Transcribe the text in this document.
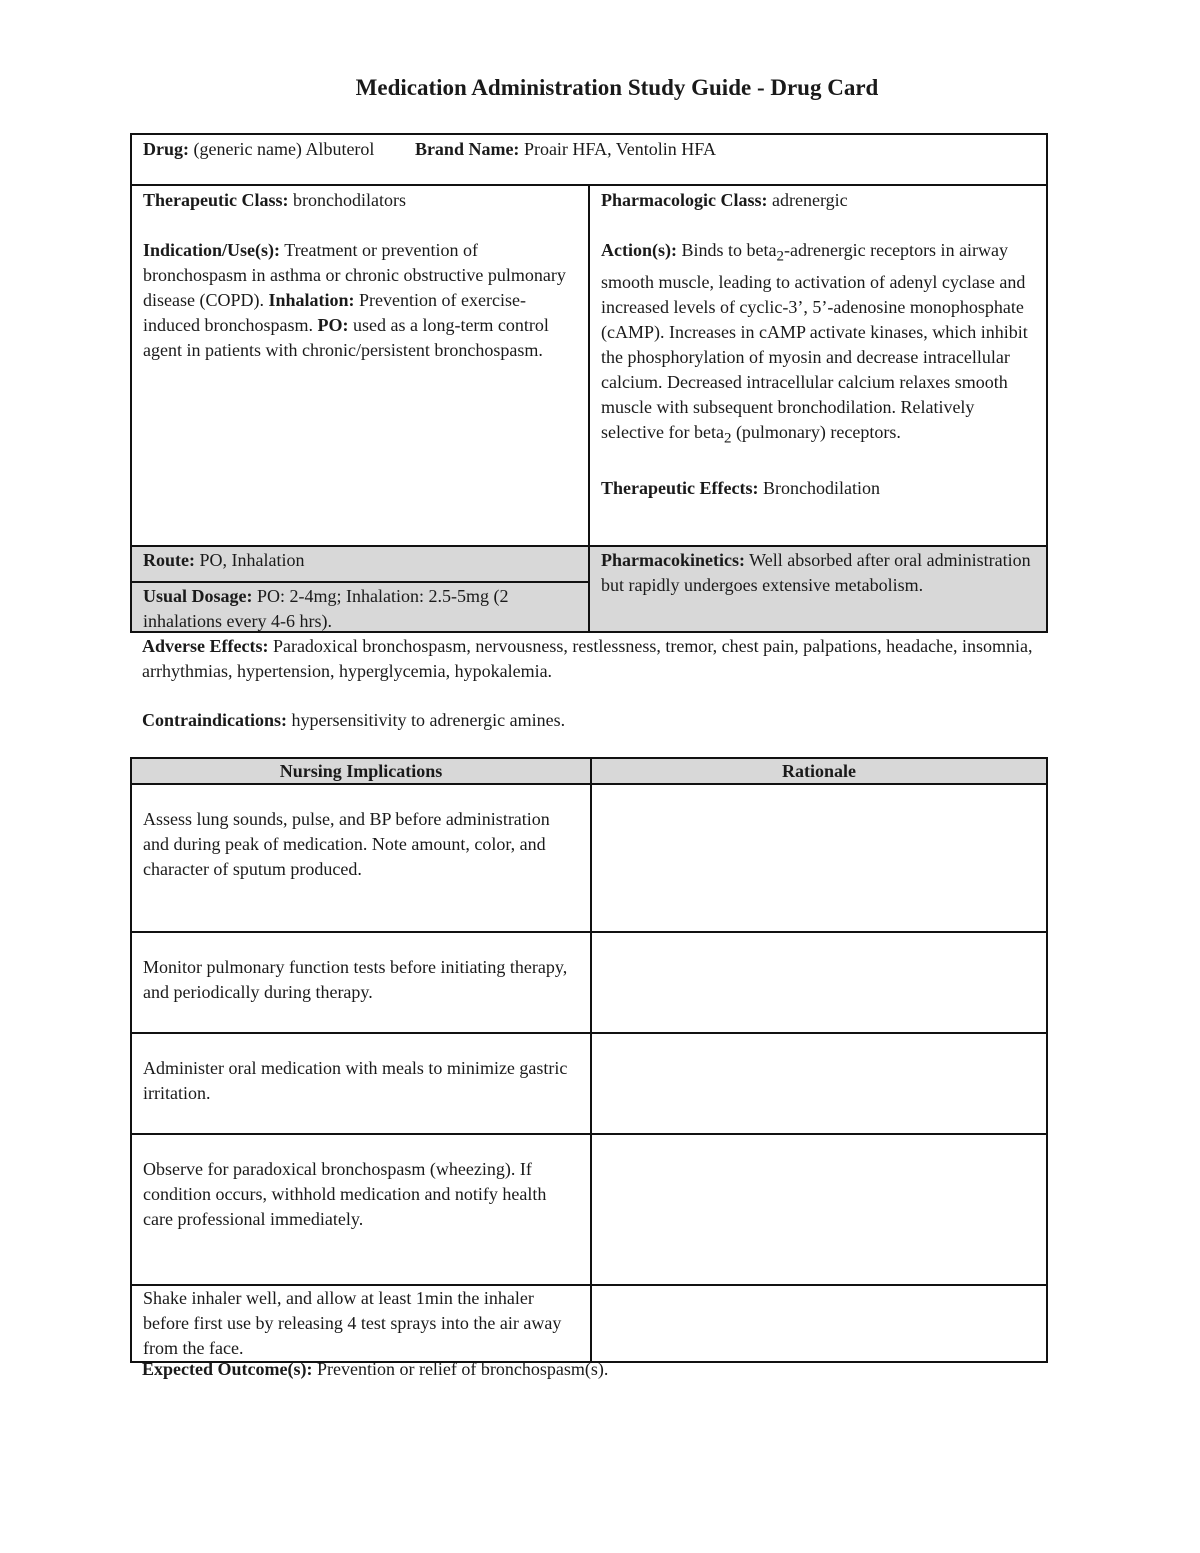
Medication Administration Study Guide - Drug Card
Drug: (generic name) Albuterol Brand Name: Proair HFA, Ventolin HFA

Therapeutic Class: bronchodilators

Indication/Use(s): Treatment or prevention of bronchospasm in asthma or chronic obstructive pulmonary disease (COPD). Inhalation: Prevention of exercise-induced bronchospasm. PO: used as a long-term control agent in patients with chronic/persistent bronchospasm.

Pharmacologic Class: adrenergic

Action(s): Binds to beta$_2$-adrenergic receptors in airway smooth muscle, leading to activation of adenyl cyclase and increased levels of cyclic-3’, 5’-adenosine monophosphate (cAMP). Increases in cAMP activate kinases, which inhibit the phosphorylation of myosin and decrease intracellular calcium. Decreased intracellular calcium relaxes smooth muscle with subsequent bronchodilation. Relatively selective for beta$_2$ (pulmonary) receptors.

Therapeutic Effects: Bronchodilation

Route: PO, Inhalation
Usual Dosage: PO: 2-4mg; Inhalation: 2.5-5mg (2 inhalations every 4-6 hrs).
Pharmacokinetics: Well absorbed after oral administration but rapidly undergoes extensive metabolism.
Adverse Effects: Paradoxical bronchospasm, nervousness, restlessness, tremor, chest pain, palpations, headache, insomnia, arrhythmias, hypertension, hyperglycemia, hypokalemia.
Contraindications: hypersensitivity to adrenergic amines.
Nursing Implications	Rationale

Assess lung sounds, pulse, and BP before administration and during peak of medication. Note amount, color, and character of sputum produced.	

Monitor pulmonary function tests before initiating therapy, and periodically during therapy.	

Administer oral medication with meals to minimize gastric irritation.	

Observe for paradoxical bronchospasm (wheezing). If condition occurs, withhold medication and notify health care professional immediately.	

Shake inhaler well, and allow at least 1min the inhaler before first use by releasing 4 test sprays into the air away from the face.	

Expected Outcome(s): Prevention or relief of bronchospasm(s).
